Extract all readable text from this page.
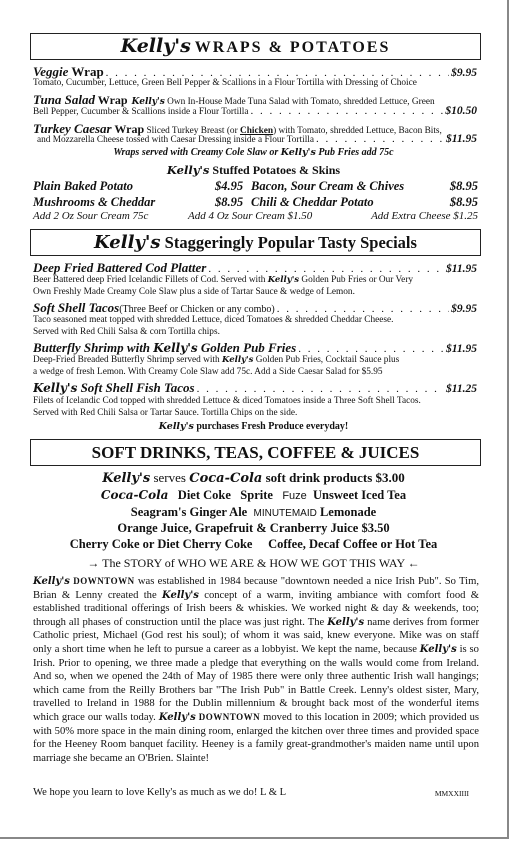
Kelly's WRAPS & POTATOES
Veggie Wrap . . .	$9.95
Tomato, Cucumber, Lettuce, Green Bell Pepper & Scallions in a Flour Tortilla with Dressing of Choice
Tuna Salad Wrap Kelly's Own In-House Made Tuna Salad with Tomato, shredded Lettuce, Green
Bell Pepper, Cucumber & Scallions inside a Flour Tortilla . . .	$10.50
Turkey Caesar Wrap Sliced Turkey Breast (or Chicken) with Tomato, shredded Lettuce, Bacon Bits,
and Mozzarella Cheese tossed with Caesar Dressing inside a Flour Tortilla . . .	$11.95
Wraps served with Creamy Cole Slaw or Kelly's Pub Fries add 75c
Kelly's Stuffed Potatoes & Skins
Plain Baked Potato	$4.95 Bacon, Sour Cream & Chives	$8.95
Mushrooms & Cheddar	$8.95 Chili & Cheddar Potato	$8.95
Add 2 Oz Sour Cream 75c	Add 4 Oz Sour Cream $1.50	Add Extra Cheese $1.25
Kelly's Staggeringly Popular Tasty Specials
Deep Fried Battered Cod Platter . . .	$11.95
Beer Battered deep Fried Icelandic Fillets of Cod. Served with Kelly's Golden Pub Fries or Our Very
Own Freshly Made Creamy Cole Slaw plus a side of Tartar Sauce & wedge of Lemon.
Soft Shell Tacos (Three Beef or Chicken or any combo) . . .	$9.95
Taco seasoned meat topped with shredded Lettuce, diced Tomatoes & shredded Cheddar Cheese.
Served with Red Chili Salsa & corn Tortilla chips.
Butterfly Shrimp with Kelly's Golden Pub Fries . . .	$11.95
Deep-Fried Breaded Butterfly Shrimp served with Kelly's Golden Pub Fries, Cocktail Sauce plus
a wedge of fresh Lemon. With Creamy Cole Slaw add 75c. Add a Side Caesar Salad for $5.95
Kelly's Soft Shell Fish Tacos . . .	$11.25
Filets of Icelandic Cod topped with shredded Lettuce & diced Tomatoes inside a Three Soft Shell Tacos.
Served with Red Chili Salsa or Tartar Sauce. Tortilla Chips on the side.
Kelly's purchases Fresh Produce everyday!
SOFT DRINKS, TEAS, COFFEE & JUICES
Kelly's serves Coca-Cola soft drink products $3.00
Coca-Cola Diet Coke Sprite Fuze Unsweet Iced Tea
Seagram's Ginger Ale MINUTEMAID Lemonade
Orange Juice, Grapefruit & Cranberry Juice $3.50
Cherry Coke or Diet Cherry Coke     Coffee, Decaf Coffee or Hot Tea
→ The STORY of WHO WE ARE & HOW WE GOT THIS WAY ←
Kelly's DOWNTOWN was established in 1984 because "downtown needed a nice Irish Pub". So Tim, Brian & Lenny created the Kelly's concept of a warm, inviting ambiance with comfort food & established traditional offerings of Irish beers & whiskies. We worked night & day & weekends, too; through all phases of construction until the place was just right. The Kelly's name derives from former Catholic priest, Michael (God rest his soul); of whom it was said, knew everyone. Mike was on staff only a short time when he left to pursue a career as a lobbyist. We kept the name, because Kelly's is so Irish. Prior to opening, we three made a pledge that everything on the walls would come from Ireland. And so, when we opened the 24th of May of 1985 there were only three authentic Irish wall hangings; which came from the Reilly Brothers bar "The Irish Pub" in Battle Creek. Lenny's oldest sister, Mary, travelled to Ireland in 1988 for the Dublin millennium & brought back most of the wonderful items which grace our walls today. Kelly's DOWNTOWN moved to this location in 2009; which provided us with 50% more space in the main dining room, enlarged the kitchen over three times and provided space for the Heeney Room banquet facility. Heeney is a family great-grandmother's maiden name until upon marriage she became an O'Brien. Slainte!
We hope you learn to love Kelly's as much as we do! L & L	MMXXIIII
